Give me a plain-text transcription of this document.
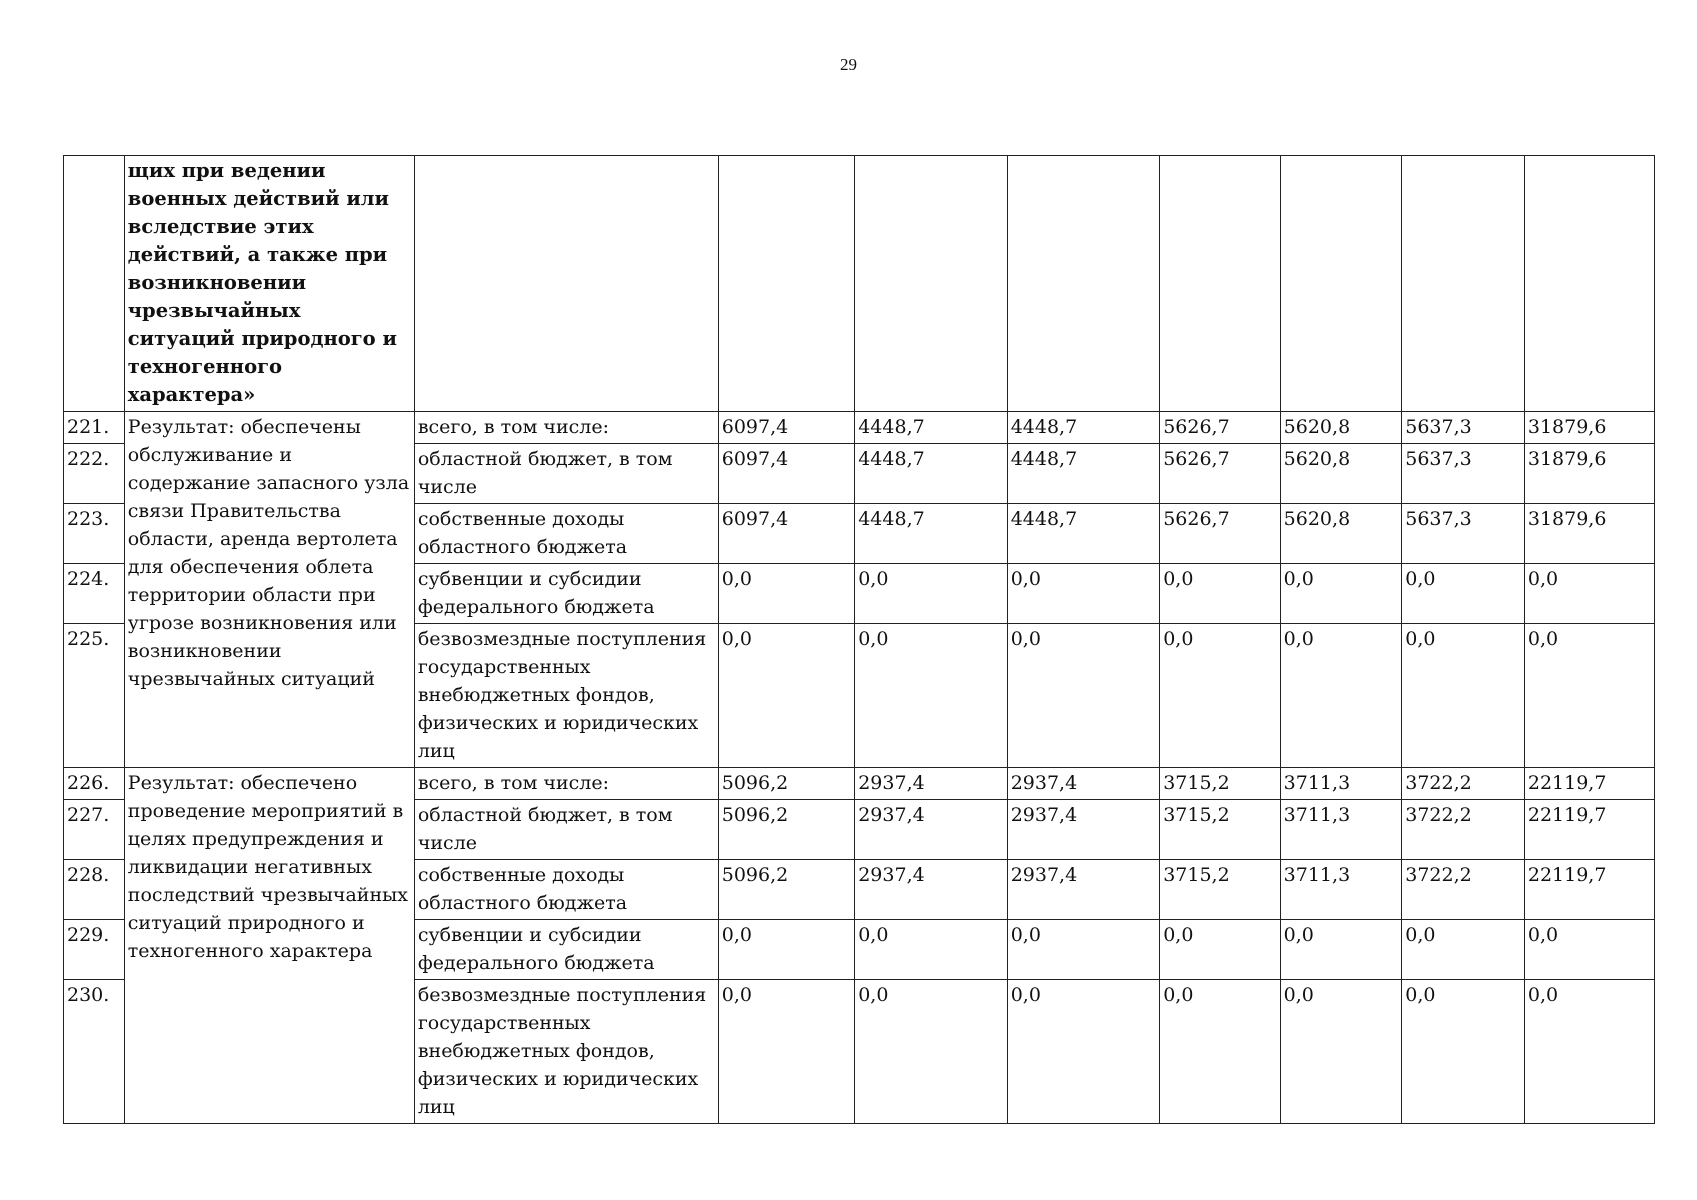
29
	щих при ведении военных действий или вследствие этих действий, а также при возникновении чрезвычайных ситуаций природного и техногенного характера»								
221.	Результат: обеспечены обслуживание и содержание запасного узла связи Правительства области, аренда вертолета для обеспечения облета территории области при угрозе возникновения или возникновении чрезвычайных ситуаций	всего, в том числе:	6097,4	4448,7	4448,7	5626,7	5620,8	5637,3	31879,6
222.		областной бюджет, в том числе	6097,4	4448,7	4448,7	5626,7	5620,8	5637,3	31879,6
223.		собственные доходы областного бюджета	6097,4	4448,7	4448,7	5626,7	5620,8	5637,3	31879,6
224.		субвенции и субсидии федерального бюджета	0,0	0,0	0,0	0,0	0,0	0,0	0,0
225.		безвозмездные поступления государственных внебюджетных фондов, физических и юридических лиц	0,0	0,0	0,0	0,0	0,0	0,0	0,0
226.	Результат: обеспечено проведение мероприятий в целях предупреждения и ликвидации негативных последствий чрезвычайных ситуаций природного и техногенного характера	всего, в том числе:	5096,2	2937,4	2937,4	3715,2	3711,3	3722,2	22119,7
227.		областной бюджет, в том числе	5096,2	2937,4	2937,4	3715,2	3711,3	3722,2	22119,7
228.		собственные доходы областного бюджета	5096,2	2937,4	2937,4	3715,2	3711,3	3722,2	22119,7
229.		субвенции и субсидии федерального бюджета	0,0	0,0	0,0	0,0	0,0	0,0	0,0
230.		безвозмездные поступления государственных внебюджетных фондов, физических и юридических лиц	0,0	0,0	0,0	0,0	0,0	0,0	0,0
